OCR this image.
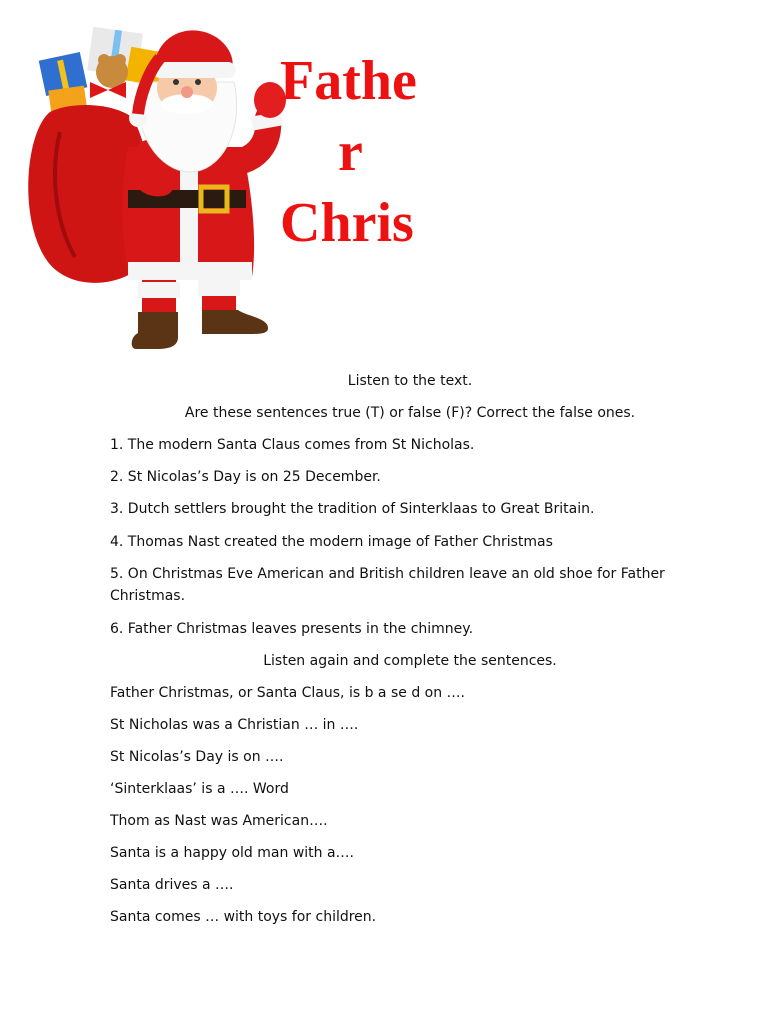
Fathe
r
Chris
Listen to the text.
Are these sentences true (T) or false (F)? Correct the false ones.
1. The modern Santa Claus comes from St Nicholas.
2. St Nicolas’s Day is on 25 December.
3. Dutch settlers brought the tradition of Sinterklaas to Great Britain.
4. Thomas Nast created the modern image of Father Christmas
5. On Christmas Eve American and British children leave an old shoe for Father Christmas.
6. Father Christmas leaves presents in the chimney.
Listen again and complete the sentences.
Father Christmas, or Santa Claus, is b a se d on ….
St Nicholas was a Christian … in ….
St Nicolas’s Day is on ….
‘Sinterklaas’ is a …. Word
Thom as Nast was American….
Santa is a happy old man with a….
Santa drives a ….
Santa comes … with toys for children.
